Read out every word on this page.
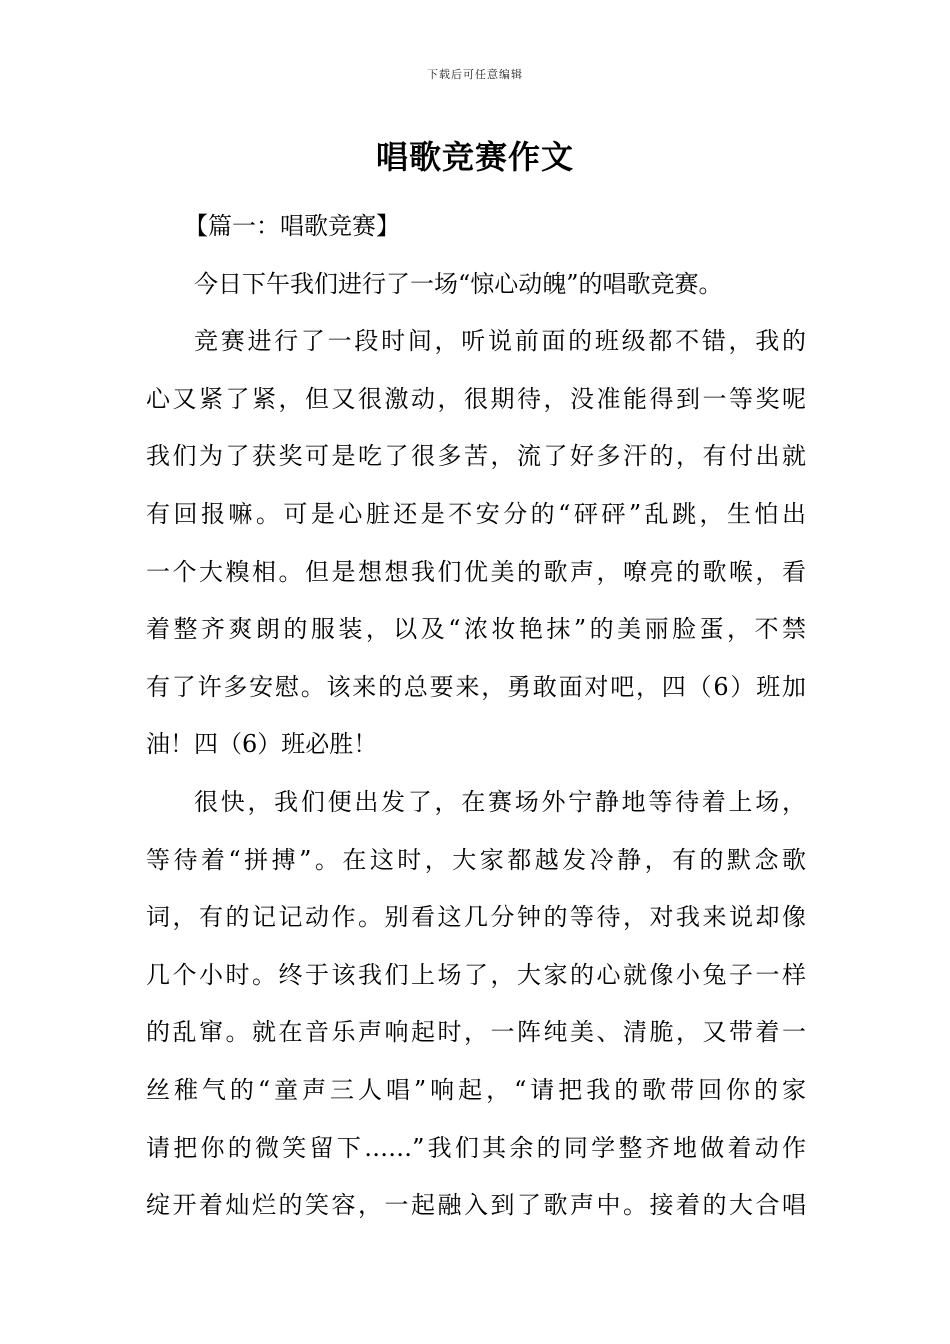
下载后可任意编辑
唱歌竞赛作文
【篇一：唱歌竞赛】
今日下午我们进行了一场“惊心动魄”的唱歌竞赛。
竞赛进行了一段时间，听说前面的班级都不错，我的
心又紧了紧，但又很激动，很期待，没准能得到一等奖呢
我们为了获奖可是吃了很多苦，流了好多汗的，有付出就
有回报嘛。可是心脏还是不安分的“砰砰”乱跳，生怕出
一个大糗相。但是想想我们优美的歌声，嘹亮的歌喉，看
着整齐爽朗的服装，以及“浓妆艳抹”的美丽脸蛋，不禁
有了许多安慰。该来的总要来，勇敢面对吧，四（6）班加
油！四（6）班必胜！
很快，我们便出发了，在赛场外宁静地等待着上场，
等待着“拼搏”。在这时，大家都越发冷静，有的默念歌
词，有的记记动作。别看这几分钟的等待，对我来说却像
几个小时。终于该我们上场了，大家的心就像小兔子一样
的乱窜。就在音乐声响起时，一阵纯美、清脆，又带着一
丝稚气的“童声三人唱”响起，“请把我的歌带回你的家
请把你的微笑留下……”我们其余的同学整齐地做着动作
绽开着灿烂的笑容，一起融入到了歌声中。接着的大合唱
